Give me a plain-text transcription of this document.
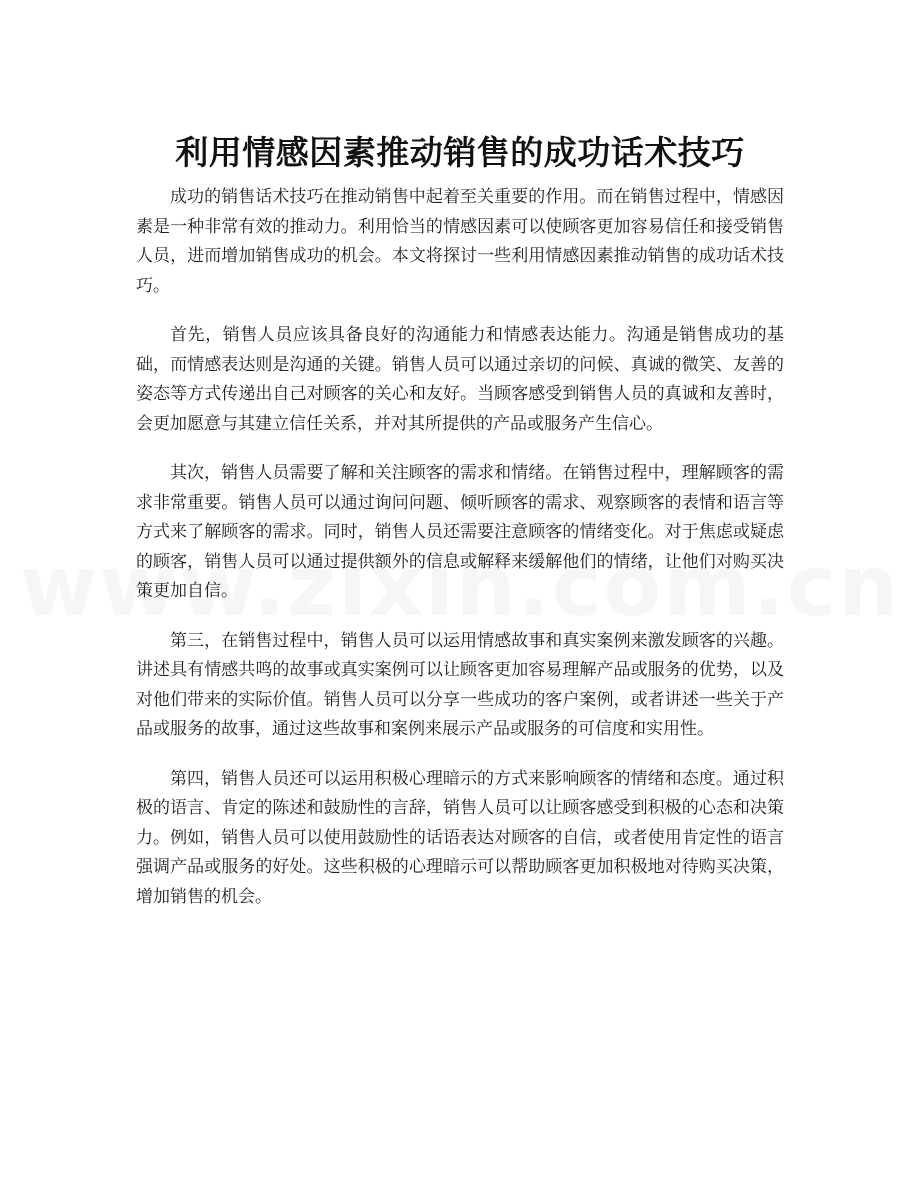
利用情感因素推动销售的成功话术技巧

成功的销售话术技巧在推动销售中起着至关重要的作用。而在销售过程中，情感因素是一种非常有效的推动力。利用恰当的情感因素可以使顾客更加容易信任和接受销售人员，进而增加销售成功的机会。本文将探讨一些利用情感因素推动销售的成功话术技巧。

首先，销售人员应该具备良好的沟通能力和情感表达能力。沟通是销售成功的基础，而情感表达则是沟通的关键。销售人员可以通过亲切的问候、真诚的微笑、友善的姿态等方式传递出自己对顾客的关心和友好。当顾客感受到销售人员的真诚和友善时，会更加愿意与其建立信任关系，并对其所提供的产品或服务产生信心。

其次，销售人员需要了解和关注顾客的需求和情绪。在销售过程中，理解顾客的需求非常重要。销售人员可以通过询问问题、倾听顾客的需求、观察顾客的表情和语言等方式来了解顾客的需求。同时，销售人员还需要注意顾客的情绪变化。对于焦虑或疑虑的顾客，销售人员可以通过提供额外的信息或解释来缓解他们的情绪，让他们对购买决策更加自信。

第三，在销售过程中，销售人员可以运用情感故事和真实案例来激发顾客的兴趣。讲述具有情感共鸣的故事或真实案例可以让顾客更加容易理解产品或服务的优势，以及对他们带来的实际价值。销售人员可以分享一些成功的客户案例，或者讲述一些关于产品或服务的故事，通过这些故事和案例来展示产品或服务的可信度和实用性。

第四，销售人员还可以运用积极心理暗示的方式来影响顾客的情绪和态度。通过积极的语言、肯定的陈述和鼓励性的言辞，销售人员可以让顾客感受到积极的心态和决策力。例如，销售人员可以使用鼓励性的话语表达对顾客的自信，或者使用肯定性的语言强调产品或服务的好处。这些积极的心理暗示可以帮助顾客更加积极地对待购买决策，增加销售的机会。
